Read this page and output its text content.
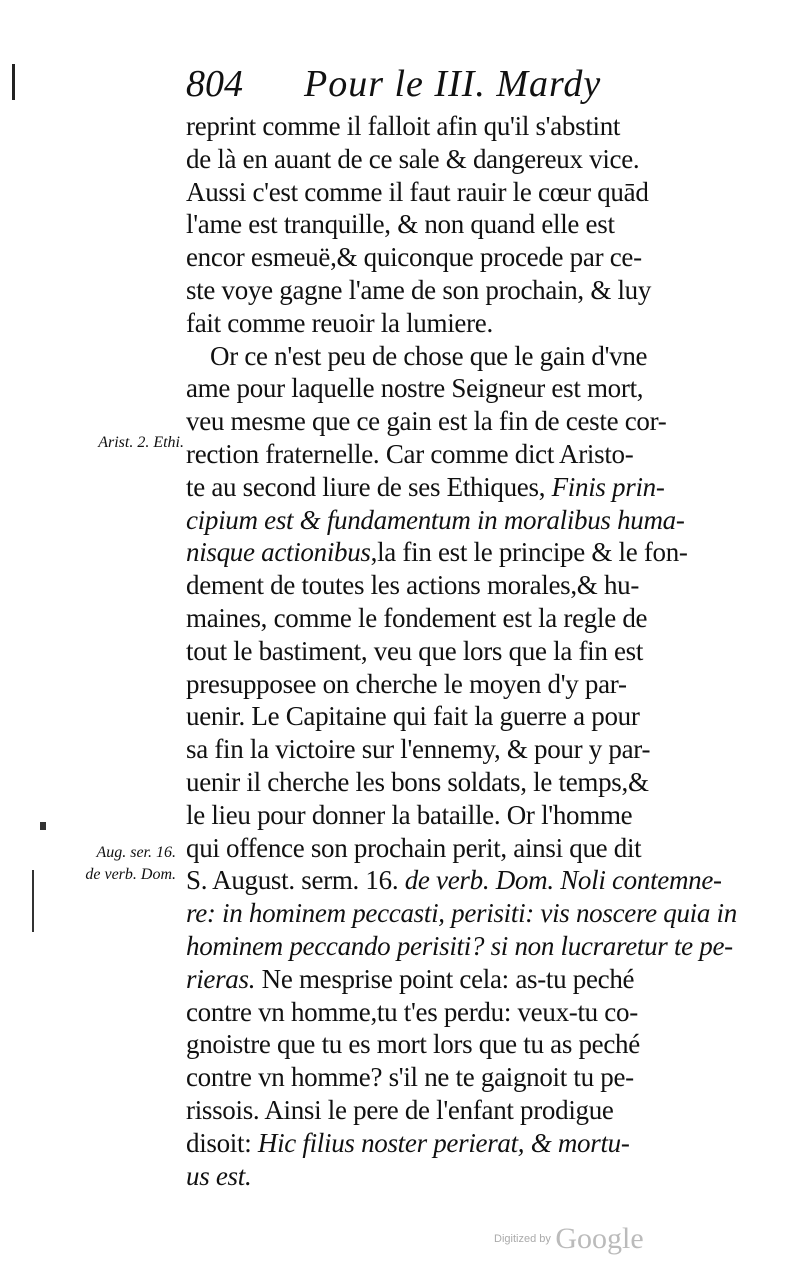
804 Pour le III. Mardy
reprint comme il falloit afin qu'il s'abstint
de là en auant de ce sale & dangereux vice.
Aussi c'est comme il faut rauir le cœur quād
l'ame est tranquille, & non quand elle est
encor esmeuë,& quiconque procede par ce-
ste voye gagne l'ame de son prochain, & luy
fait comme reuoir la lumiere.
Or ce n'est peu de chose que le gain d'vne
ame pour laquelle nostre Seigneur est mort,
veu mesme que ce gain est la fin de ceste cor-
rection fraternelle. Car comme dict Aristo-
te au second liure de ses Ethiques, Finis prin-
cipium est & fundamentum in moralibus huma-
nisque actionibus,la fin est le principe & le fon-
dement de toutes les actions morales,& hu-
maines, comme le fondement est la regle de
tout le bastiment, veu que lors que la fin est
presupposee on cherche le moyen d'y par-
uenir. Le Capitaine qui fait la guerre a pour
sa fin la victoire sur l'ennemy, & pour y par-
uenir il cherche les bons soldats, le temps,&
le lieu pour donner la bataille. Or l'homme
qui offence son prochain perit, ainsi que dit
S. August. serm. 16. de verb. Dom. Noli contemne-
re: in hominem peccasti, perisiti: vis noscere quia in
hominem peccando perisiti? si non lucraretur te pe-
rieras. Ne mesprise point cela: as-tu peché
contre vn homme,tu t'es perdu: veux-tu co-
gnoistre que tu es mort lors que tu as peché
contre vn homme? s'il ne te gaignoit tu pe-
rissois. Ainsi le pere de l'enfant prodigue
disoit: Hic filius noster perierat, & mortu-
us est.
Arist. 2. Ethi.
Aug. ser. 16.
de verb. Dom.
Digitized by Google
